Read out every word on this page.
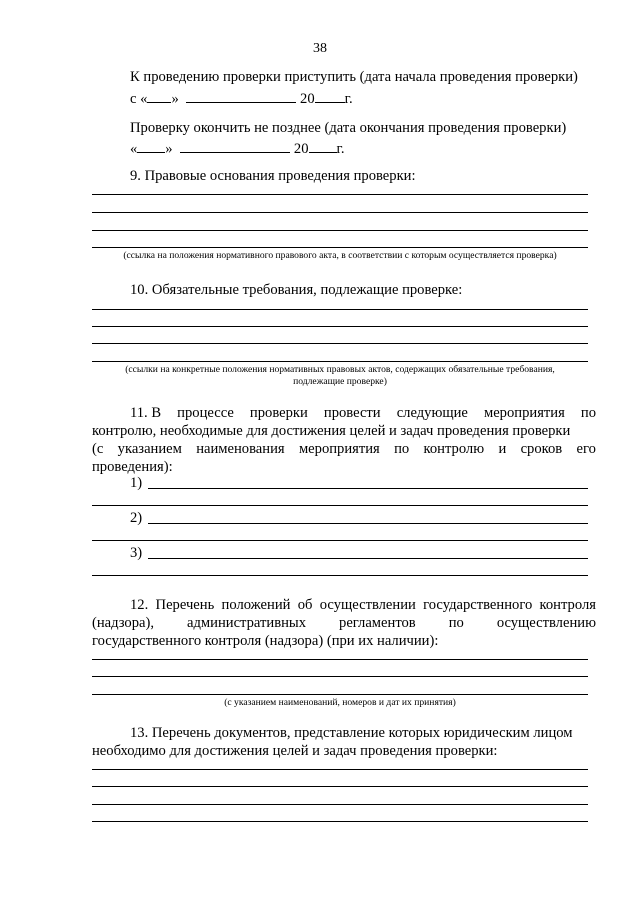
38
К проведению проверки приступить (дата начала проведения проверки)
с « »	20 г.
Проверку окончить не позднее (дата окончания проведения проверки)
« »	20 г.
9. Правовые основания проведения проверки:
(ссылка на положения нормативного правового акта, в соответствии с которым осуществляется проверка)
10. Обязательные требования, подлежащие проверке:
(ссылки на конкретные положения нормативных правовых актов, содержащих обязательные требования,
подлежащие проверке)
11. В процессе проверки провести следующие мероприятия по
контролю, необходимые для достижения целей и задач проведения проверки
(с указанием наименования мероприятия по контролю и сроков его
проведения):
1)
2)
3)
12. Перечень положений об осуществлении государственного контроля
(надзора), административных регламентов по осуществлению
государственного контроля (надзора) (при их наличии):
(с указанием наименований, номеров и дат их принятия)
13. Перечень документов, представление которых юридическим лицом
необходимо для достижения целей и задач проведения проверки:
